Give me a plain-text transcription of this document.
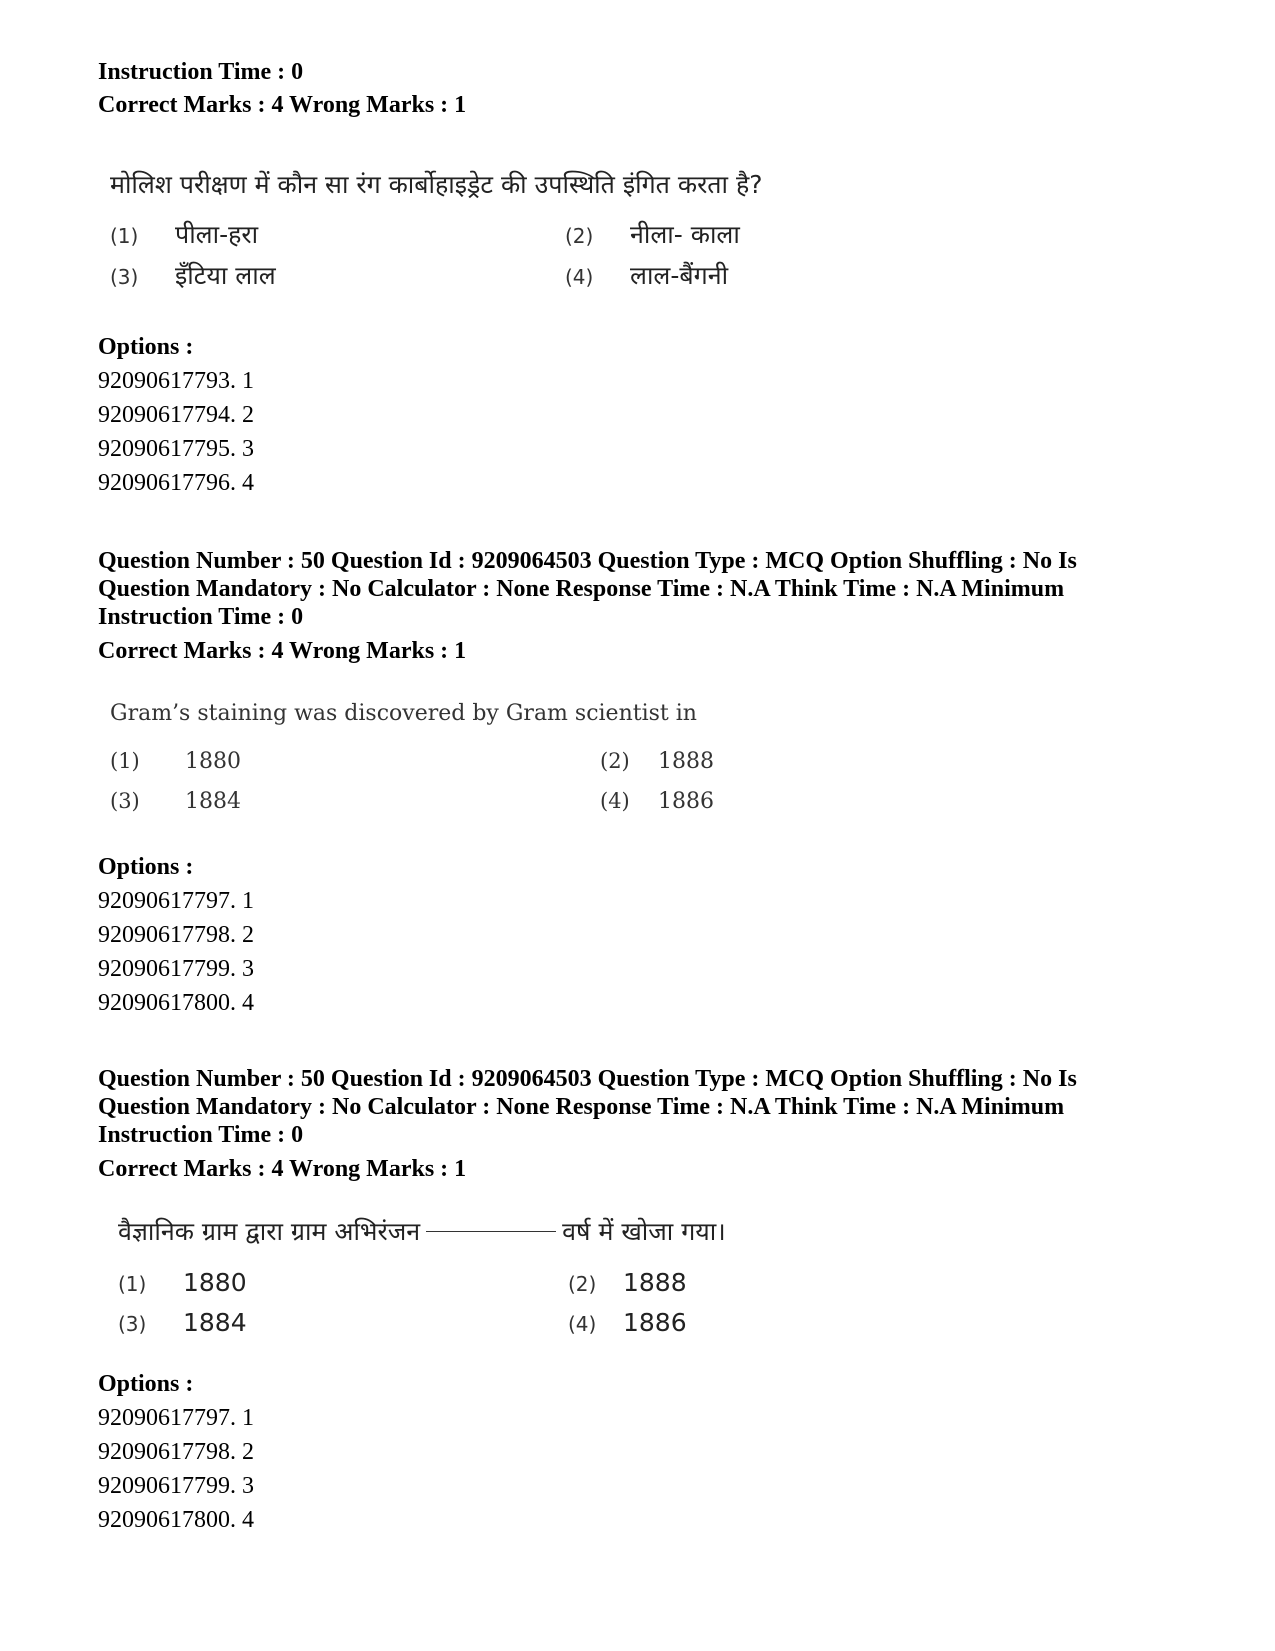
Instruction Time : 0
Correct Marks : 4 Wrong Marks : 1
मोलिश परीक्षण में कौन सा रंग कार्बोहाइड्रेट की उपस्थिति इंगित करता है?
(1) पीला-हरा	(2) नीला- काला
(3) इँटिया लाल	(4) लाल-बैंगनी
Options :
92090617793. 1
92090617794. 2
92090617795. 3
92090617796. 4
Question Number : 50 Question Id : 9209064503 Question Type : MCQ Option Shuffling : No Is
Question Mandatory : No Calculator : None Response Time : N.A Think Time : N.A Minimum
Instruction Time : 0
Correct Marks : 4 Wrong Marks : 1
Gram’s staining was discovered by Gram scientist in
(1) 1880	(2) 1888
(3) 1884	(4) 1886
Options :
92090617797. 1
92090617798. 2
92090617799. 3
92090617800. 4
Question Number : 50 Question Id : 9209064503 Question Type : MCQ Option Shuffling : No Is
Question Mandatory : No Calculator : None Response Time : N.A Think Time : N.A Minimum
Instruction Time : 0
Correct Marks : 4 Wrong Marks : 1
वैज्ञानिक ग्राम द्वारा ग्राम अभिरंजन	वर्ष में खोजा गया।
(1) 1880	(2) 1888
(3) 1884	(4) 1886
Options :
92090617797. 1
92090617798. 2
92090617799. 3
92090617800. 4
